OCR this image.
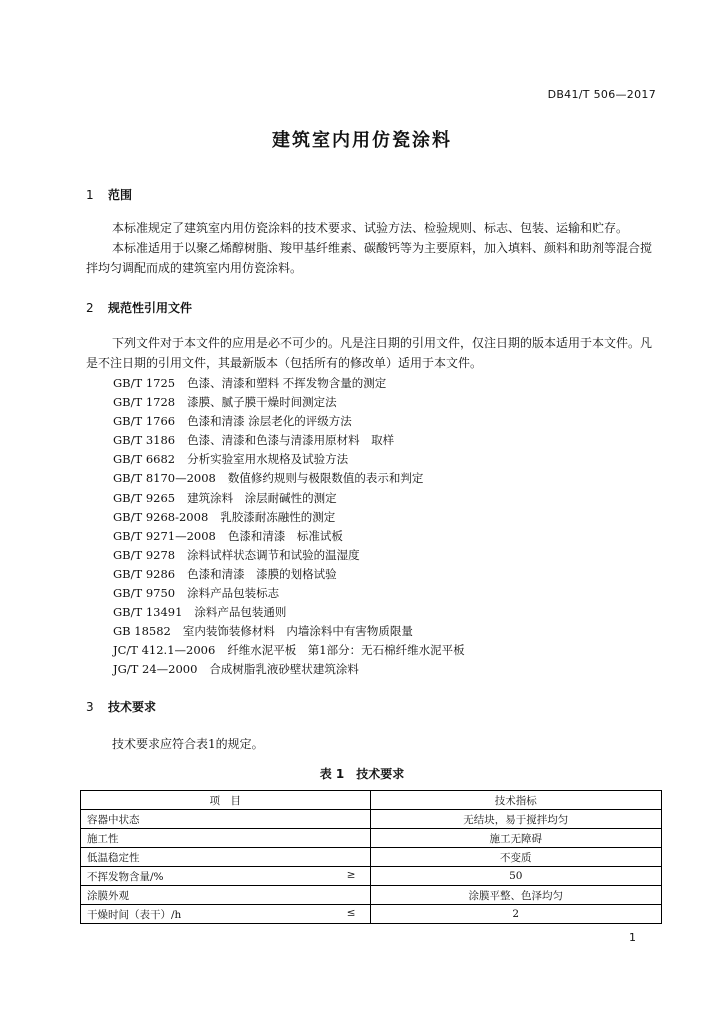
DB41/T 506—2017
建筑室内用仿瓷涂料
1 范围
本标准规定了建筑室内用仿瓷涂料的技术要求、试验方法、检验规则、标志、包装、运输和贮存。
本标准适用于以聚乙烯醇树脂、羧甲基纤维素、碳酸钙等为主要原料，加入填料、颜料和助剂等混合搅拌均匀调配而成的建筑室内用仿瓷涂料。
2 规范性引用文件
下列文件对于本文件的应用是必不可少的。凡是注日期的引用文件，仅注日期的版本适用于本文件。凡是不注日期的引用文件，其最新版本（包括所有的修改单）适用于本文件。
GB/T 1725 色漆、清漆和塑料 不挥发物含量的测定
GB/T 1728 漆膜、腻子膜干燥时间测定法
GB/T 1766 色漆和清漆 涂层老化的评级方法
GB/T 3186 色漆、清漆和色漆与清漆用原材料　取样
GB/T 6682 分析实验室用水规格及试验方法
GB/T 8170—2008 数值修约规则与极限数值的表示和判定
GB/T 9265 建筑涂料　涂层耐碱性的测定
GB/T 9268-2008 乳胶漆耐冻融性的测定
GB/T 9271—2008 色漆和清漆　标准试板
GB/T 9278 涂料试样状态调节和试验的温湿度
GB/T 9286 色漆和清漆　漆膜的划格试验
GB/T 9750 涂料产品包装标志
GB/T 13491 涂料产品包装通则
GB 18582 室内装饰装修材料　内墙涂料中有害物质限量
JC/T 412.1—2006 纤维水泥平板　第1部分：无石棉纤维水泥平板
JG/T 24—2000 合成树脂乳液砂壁状建筑涂料
3 技术要求
技术要求应符合表1的规定。
表 1　技术要求
项　目	技术指标

容器中状态	无结块，易于搅拌均匀

施工性	施工无障碍

低温稳定性	不变质

不挥发物含量/% ≥	50

涂膜外观	涂膜平整、色泽均匀

干燥时间（表干）/h ≤	2
1
